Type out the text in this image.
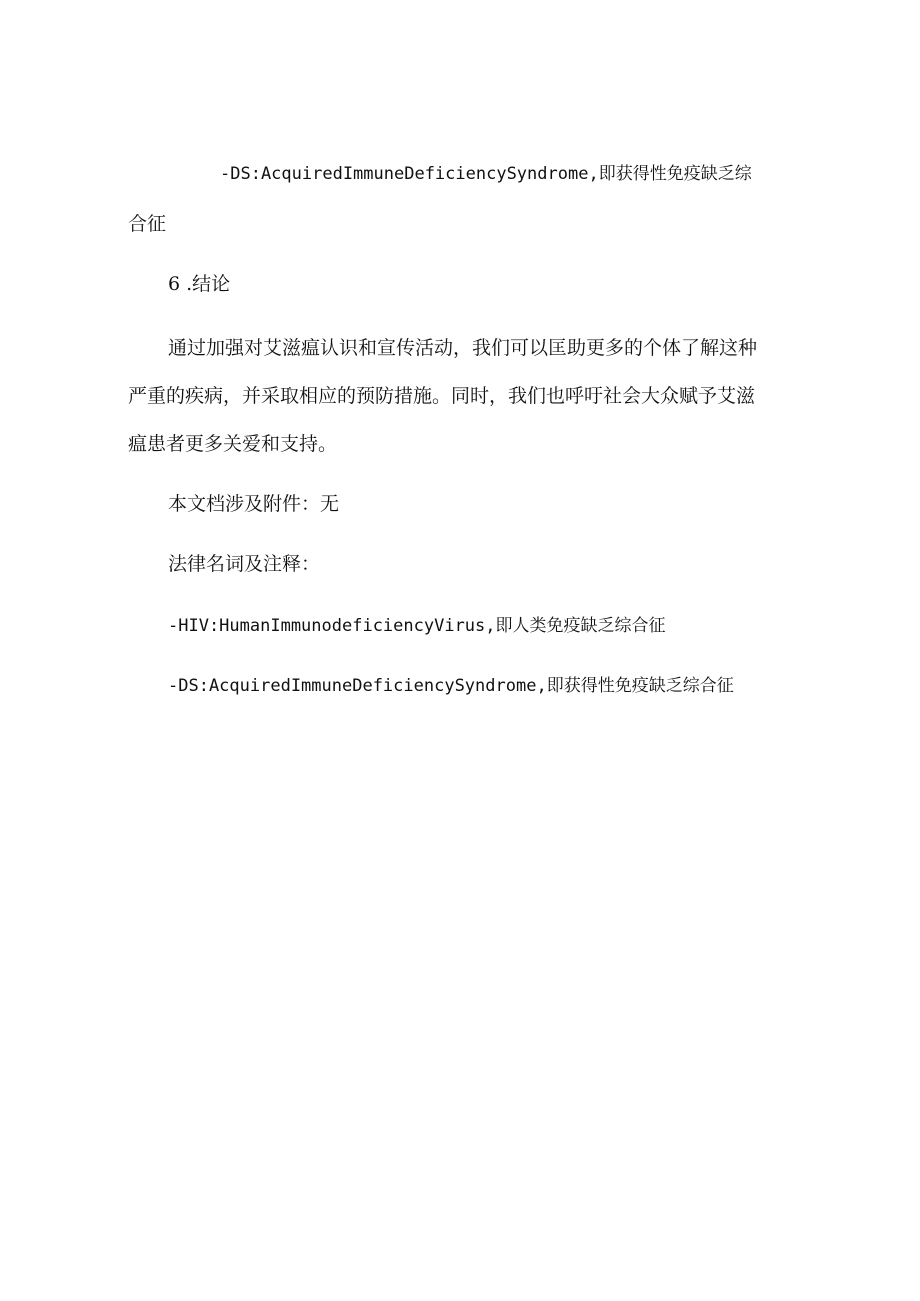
-DS:AcquiredImmuneDeficiencySyndrome,即获得性免疫缺乏综
合征
6 .结论
通过加强对艾滋瘟认识和宣传活动，我们可以匡助更多的个体了解这种
严重的疾病，并采取相应的预防措施。同时，我们也呼吁社会大众赋予艾滋
瘟患者更多关爱和支持。
本文档涉及附件：无
法律名词及注释：
-HIV:HumanImmunodeficiencyVirus,即人类免疫缺乏综合征
-DS:AcquiredImmuneDeficiencySyndrome,即获得性免疫缺乏综合征
